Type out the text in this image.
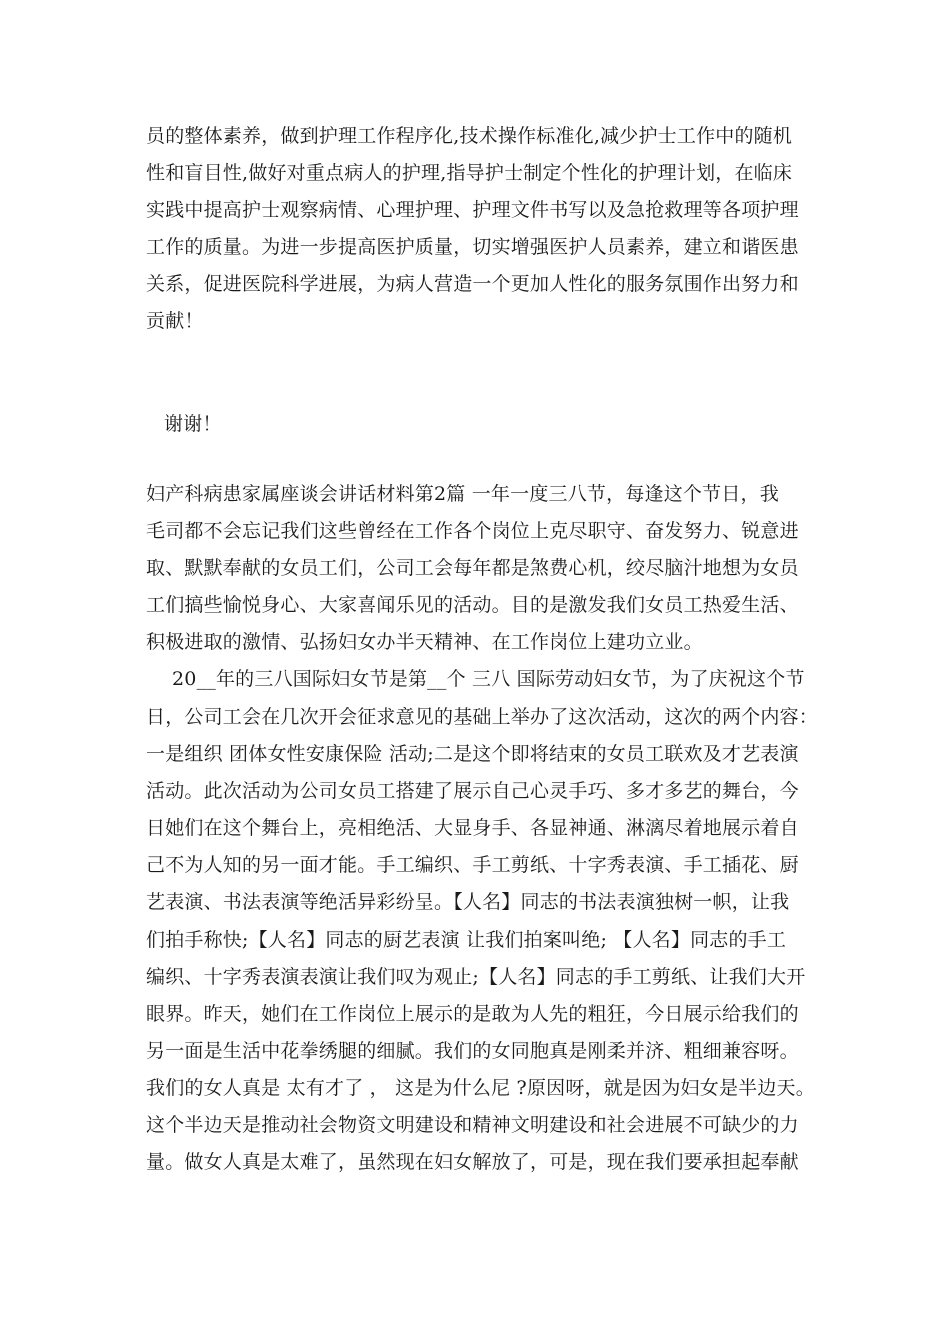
员的整体素养，做到护理工作程序化,技术操作标准化,减少护士工作中的随机
性和盲目性,做好对重点病人的护理,指导护士制定个性化的护理计划，在临床
实践中提高护士观察病情、心理护理、护理文件书写以及急抢救理等各项护理
工作的质量。为进一步提高医护质量，切实增强医护人员素养，建立和谐医患
关系，促进医院科学进展，为病人营造一个更加人性化的服务氛围作出努力和
贡献！
谢谢！
妇产科病患家属座谈会讲话材料第2篇 一年一度三八节，每逢这个节日，我
毛司都不会忘记我们这些曾经在工作各个岗位上克尽职守、奋发努力、锐意进
取、默默奉献的女员工们，公司工会每年都是煞费心机，绞尽脑汁地想为女员
工们搞些愉悦身心、大家喜闻乐见的活动。目的是激发我们女员工热爱生活、
积极进取的激情、弘扬妇女办半天精神、在工作岗位上建功立业。
20__年的三八国际妇女节是第__个 三八 国际劳动妇女节，为了庆祝这个节
日，公司工会在几次开会征求意见的基础上举办了这次活动，这次的两个内容：
一是组织 团体女性安康保险 活动;二是这个即将结束的女员工联欢及才艺表演
活动。此次活动为公司女员工搭建了展示自己心灵手巧、多才多艺的舞台，今
日她们在这个舞台上，亮相绝活、大显身手、各显神通、淋漓尽着地展示着自
己不为人知的另一面才能。手工编织、手工剪纸、十字秀表演、手工插花、厨
艺表演、书法表演等绝活异彩纷呈。【人名】同志的书法表演独树一帜，让我
们拍手称快;【人名】同志的厨艺表演 让我们拍案叫绝; 【人名】同志的手工
编织、十字秀表演表演让我们叹为观止;【人名】同志的手工剪纸、让我们大开
眼界。昨天，她们在工作岗位上展示的是敢为人先的粗狂，今日展示给我们的
另一面是生活中花拳绣腿的细腻。我们的女同胞真是刚柔并济、粗细兼容呀。
我们的女人真是 太有才了 ， 这是为什么尼 ?原因呀，就是因为妇女是半边天。
这个半边天是推动社会物资文明建设和精神文明建设和社会进展不可缺少的力
量。做女人真是太难了，虽然现在妇女解放了，可是，现在我们要承担起奉献
